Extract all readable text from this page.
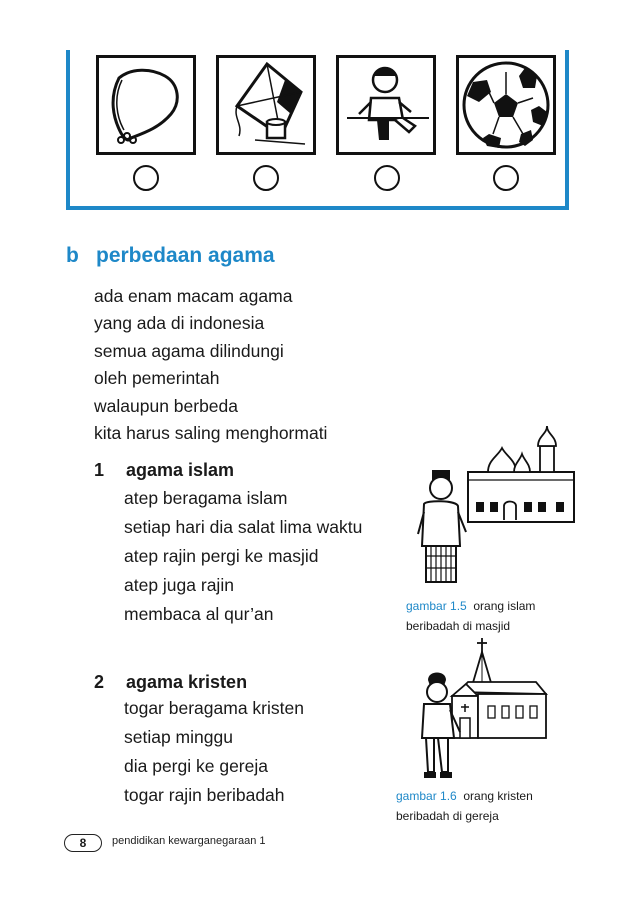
b perbedaan agama
ada enam macam agama
yang ada di indonesia
semua agama dilindungi
oleh pemerintah
walaupun berbeda
kita harus saling menghormati
1 agama islam
atep beragama islam
setiap hari dia salat lima waktu
atep rajin pergi ke masjid
atep juga rajin
membaca al qur’an	gambar 1.5 orang islam
beribadah di masjid
2 agama kristen
togar beragama kristen
setiap minggu
dia pergi ke gereja
togar rajin beribadah	gambar 1.6 orang kristen
beribadah di gereja
8	pendidikan kewarganegaraan 1
